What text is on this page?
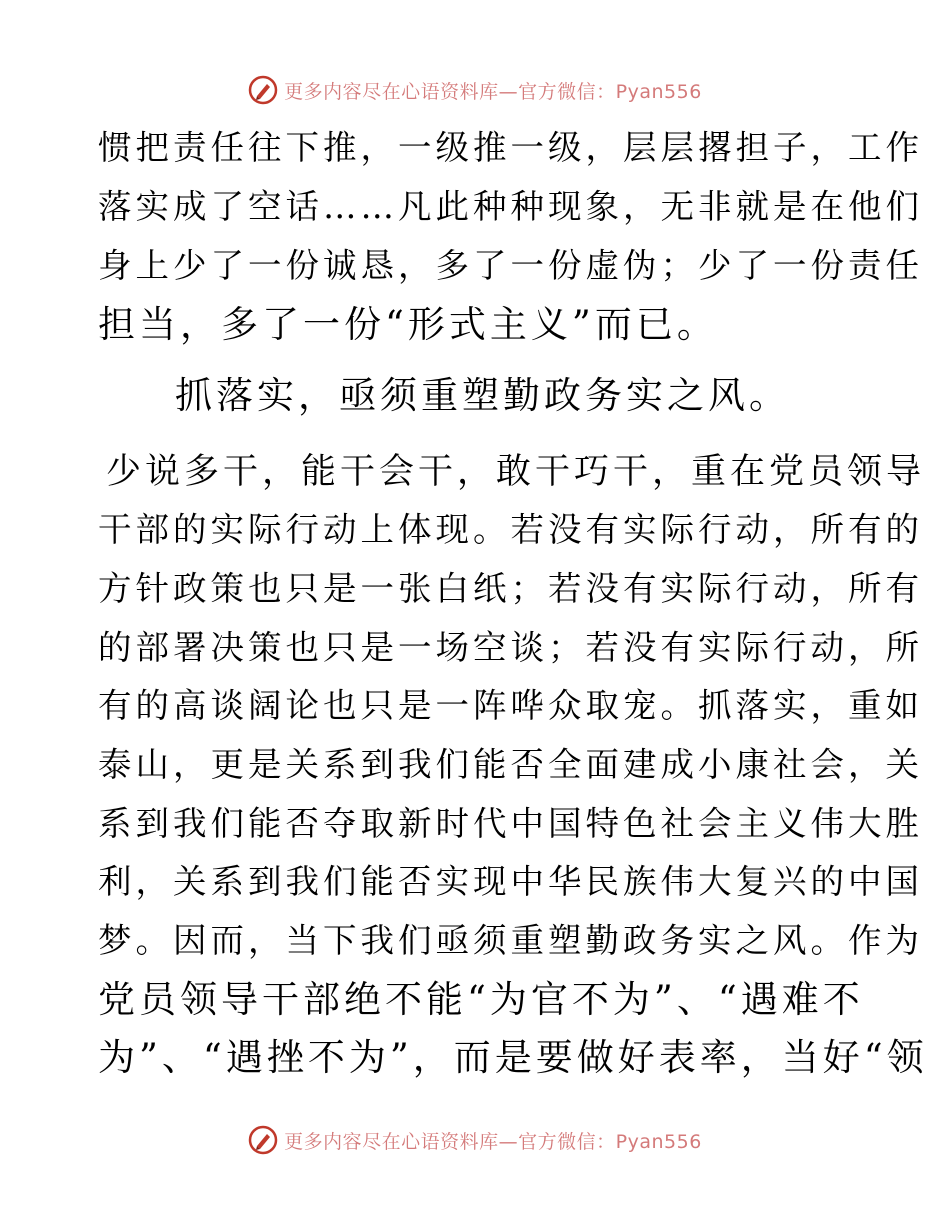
更多内容尽在心语资料库—官方微信：Pyan556
惯把责任往下推，一级推一级，层层撂担子，工作
落实成了空话……凡此种种现象，无非就是在他们
身上少了一份诚恳，多了一份虚伪；少了一份责任
担当，多了一份“形式主义”而已。
抓落实，亟须重塑勤政务实之风。
少说多干，能干会干，敢干巧干，重在党员领导
干部的实际行动上体现。若没有实际行动，所有的
方针政策也只是一张白纸；若没有实际行动，所有
的部署决策也只是一场空谈；若没有实际行动，所
有的高谈阔论也只是一阵哗众取宠。抓落实，重如
泰山，更是关系到我们能否全面建成小康社会，关
系到我们能否夺取新时代中国特色社会主义伟大胜
利，关系到我们能否实现中华民族伟大复兴的中国
梦。因而，当下我们亟须重塑勤政务实之风。作为
党员领导干部绝不能“为官不为”、“遇难不
为”、“遇挫不为”，而是要做好表率，当好“领
更多内容尽在心语资料库—官方微信：Pyan556
